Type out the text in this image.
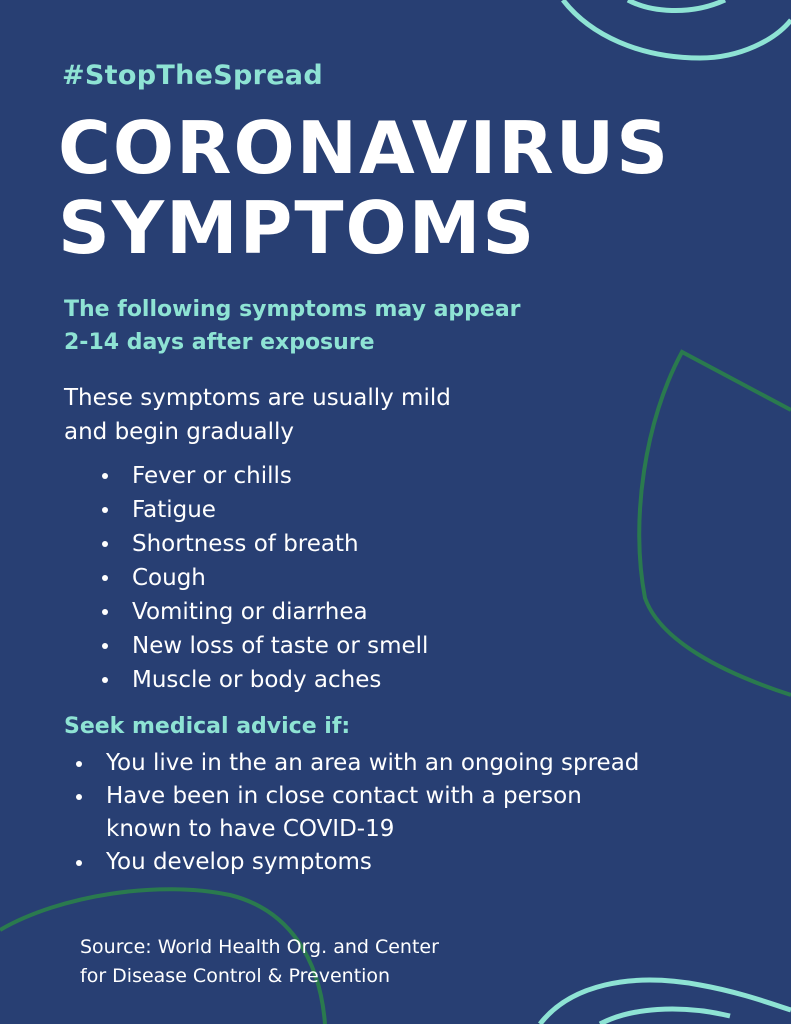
#StopTheSpread
CORONAVIRUS
SYMPTOMS
The following symptoms may appear
2-14 days after exposure
These symptoms are usually mild
and begin gradually
Fever or chills
Fatigue
Shortness of breath
Cough
Vomiting or diarrhea
New loss of taste or smell
Muscle or body aches
Seek medical advice if:
You live in the an area with an ongoing spread
Have been in close contact with a person known to have COVID-19
You develop symptoms
Source: World Health Org. and Center for Disease Control & Prevention
